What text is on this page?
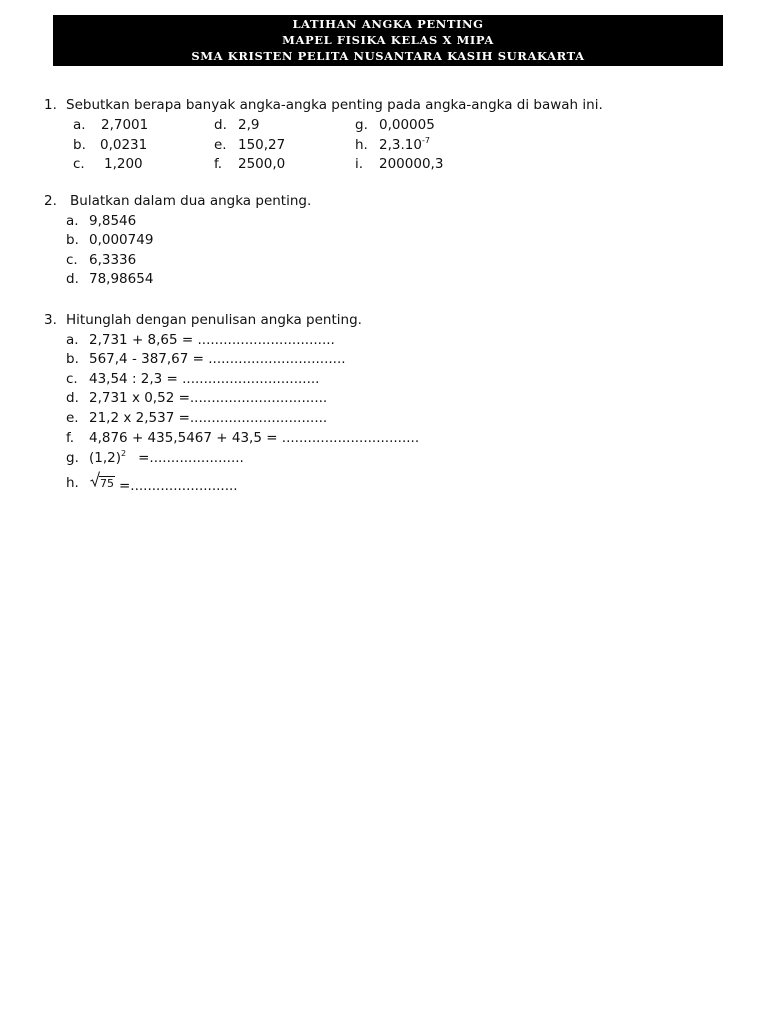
LATIHAN ANGKA PENTING
MAPEL FISIKA KELAS X MIPA
SMA KRISTEN PELITA NUSANTARA KASIH SURAKARTA
1. Sebutkan berapa banyak angka-angka penting pada angka-angka di bawah ini.
a. 2,7001	d. 2,9	g. 0,00005
b. 0,0231	e. 150,27	h. $2,3.10^{-7}$
c. 1,200	f. 2500,0	i. 200000,3
2. Bulatkan dalam dua angka penting.
a. 9,8546
b. 0,000749
c. 6,3336
d. 78,98654
3. Hitunglah dengan penulisan angka penting.
a. 2,731 + 8,65 = ................................
b. 567,4 - 387,67 = ................................
c. 43,54 : 2,3 = ................................
d. 2,731 x 0,52 =................................
e. 21,2 x 2,537 =................................
f. 4,876 + 435,5467 + 43,5 = ................................
g. $(1,2)^2$ =......................
h.	75 =.........................
